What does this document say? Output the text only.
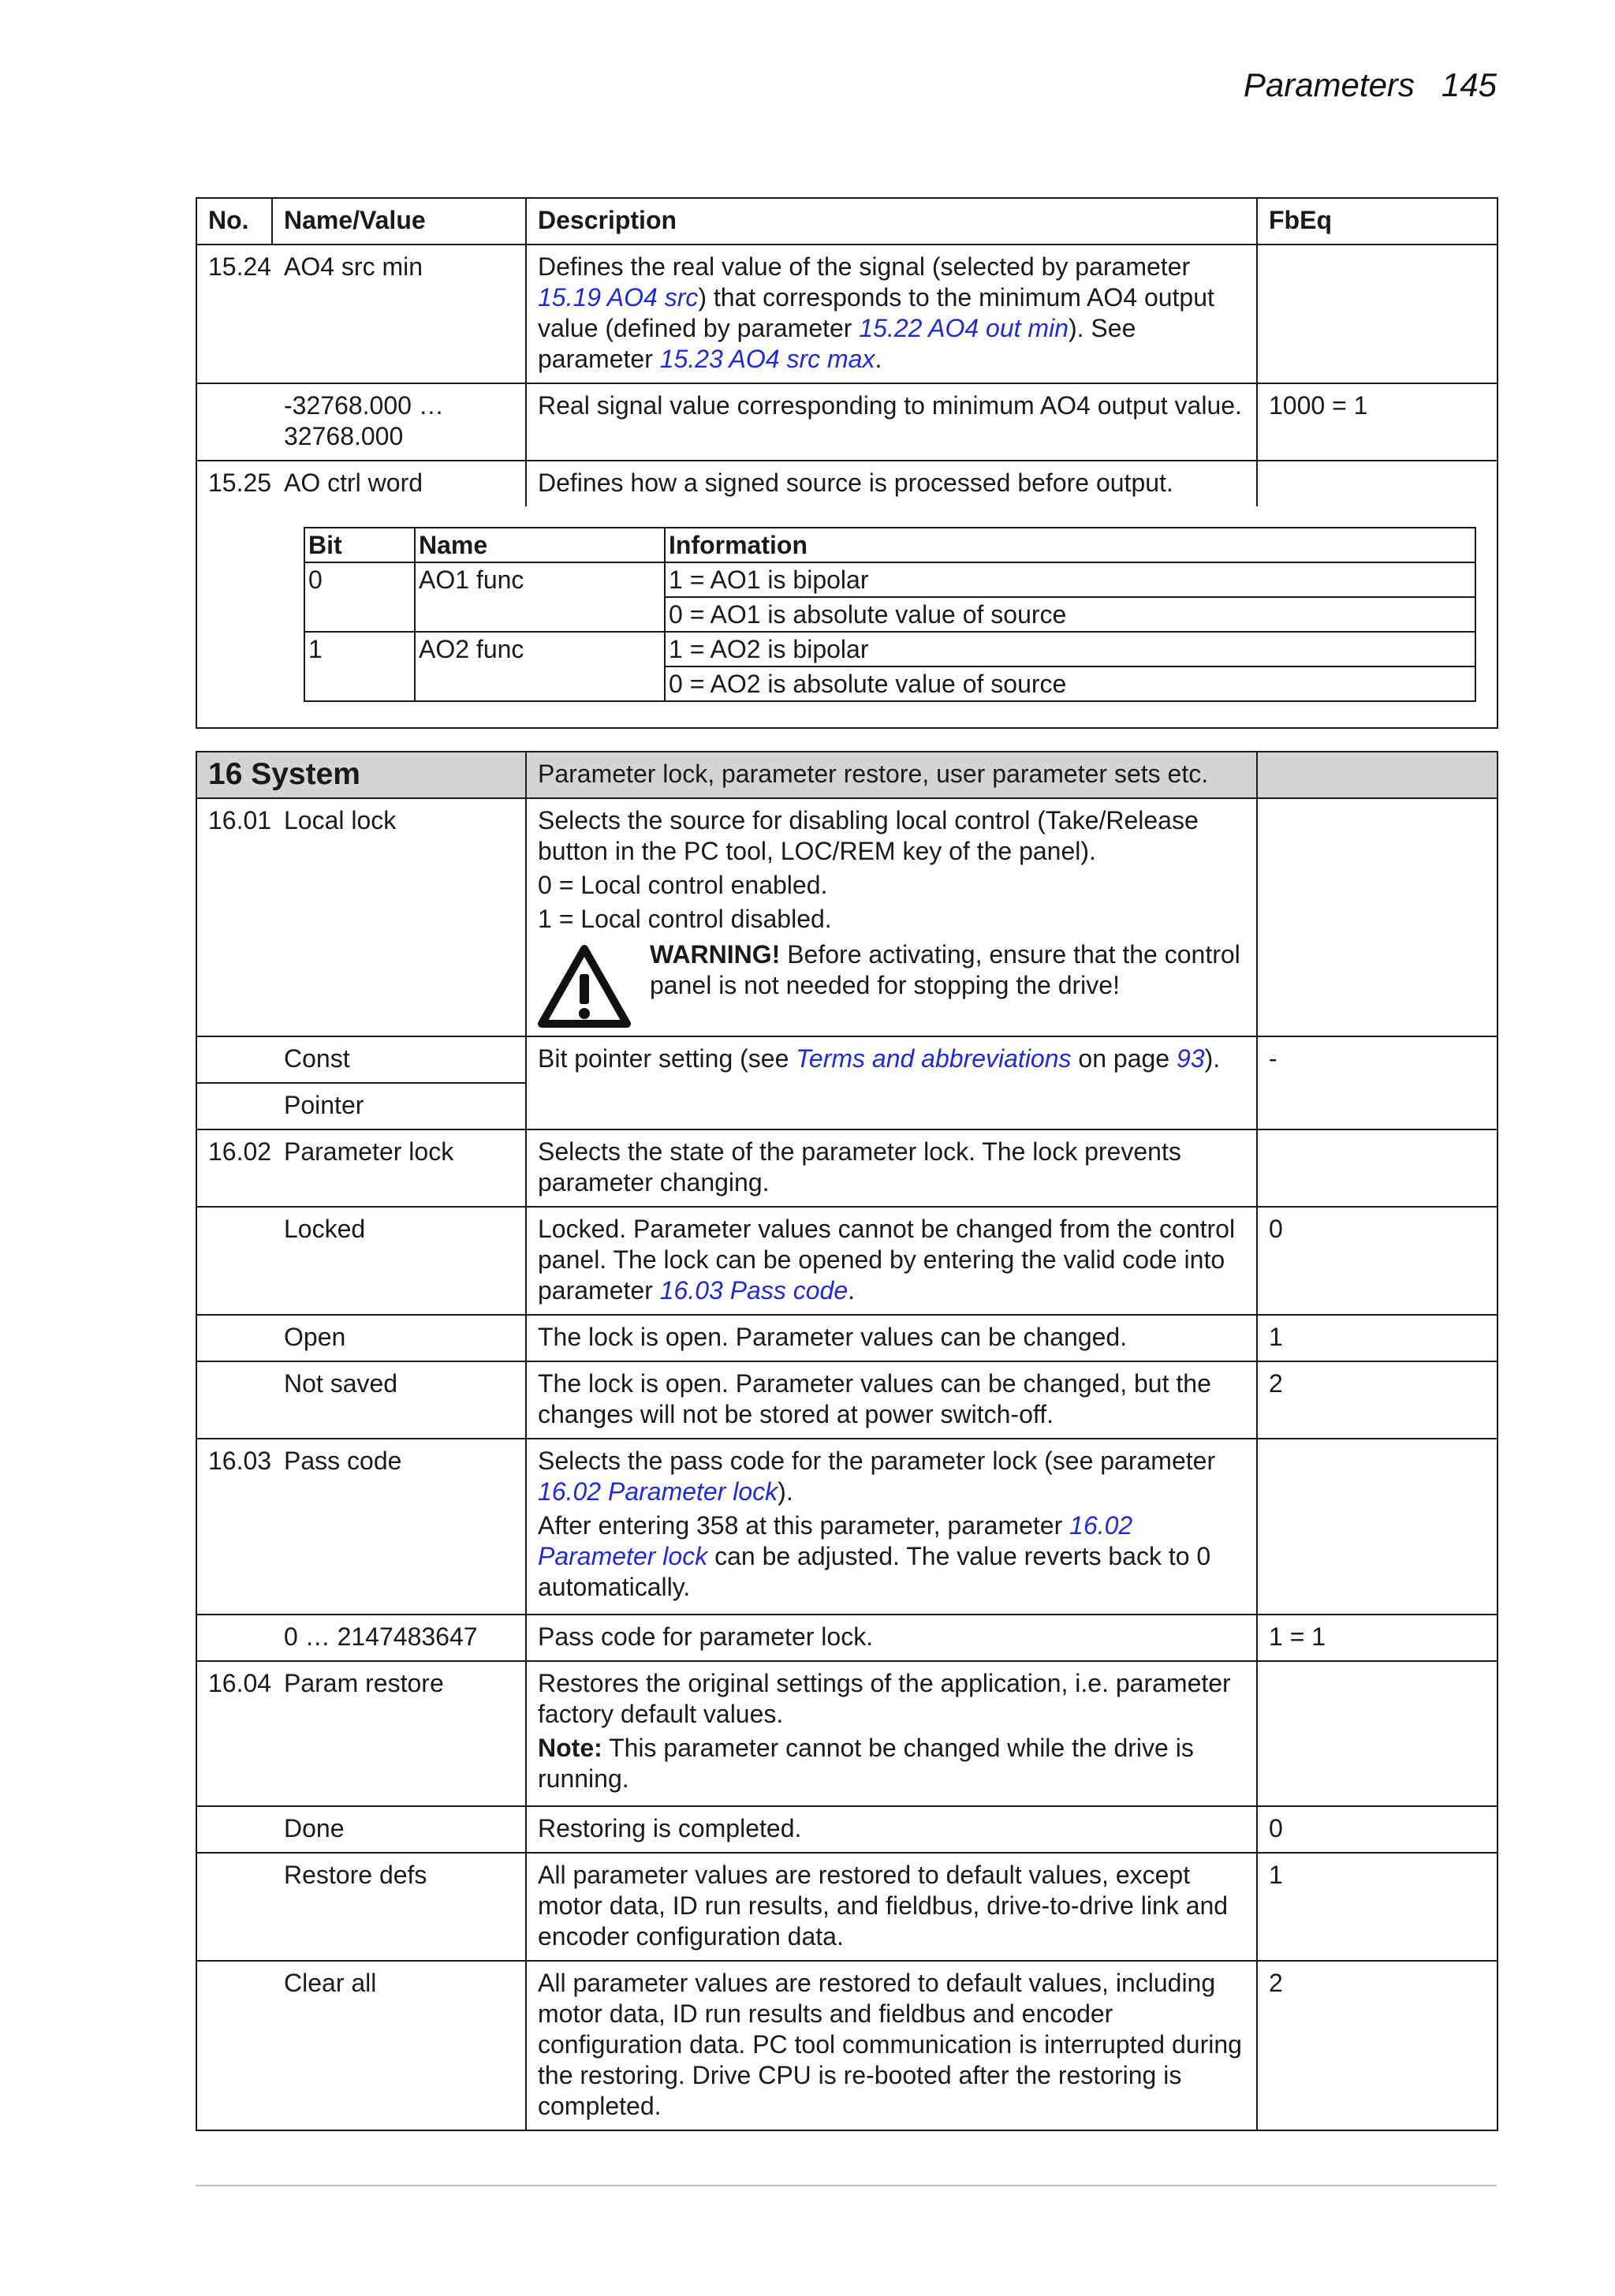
Parameters 145
No.	Name/Value	Description	FbEq
15.24	AO4 src min	Defines the real value of the signal (selected by parameter 15.19 AO4 src) that corresponds to the minimum AO4 output value (defined by parameter 15.22 AO4 out min). See parameter 15.23 AO4 src max.	
	-32768.000 … 32768.000	Real signal value corresponding to minimum AO4 output value.	1000 = 1
15.25	AO ctrl word	Defines how a signed source is processed before output.	

Bit	Name	Information
0	AO1 func	1 = AO1 is bipolar
0 = AO1 is absolute value of source
1	AO2 func	1 = AO2 is bipolar
0 = AO2 is absolute value of source
16 System		Parameter lock, parameter restore, user parameter sets etc.	
16.01	Local lock	Selects the source for disabling local control (Take/Release button in the PC tool, LOC/REM key of the panel).
0 = Local control enabled.
1 = Local control disabled.
WARNING! Before activating, ensure that the control panel is not needed for stopping the drive!	

	Const	Bit pointer setting (see Terms and abbreviations on page 93).	-
	Pointer		
16.02	Parameter lock	Selects the state of the parameter lock. The lock prevents parameter changing.	
	Locked	Locked. Parameter values cannot be changed from the control panel. The lock can be opened by entering the valid code into parameter 16.03 Pass code.	0
	Open	The lock is open. Parameter values can be changed.	1
	Not saved	The lock is open. Parameter values can be changed, but the changes will not be stored at power switch-off.	2
16.03	Pass code	Selects the pass code for the parameter lock (see parameter 16.02 Parameter lock).
After entering 358 at this parameter, parameter 16.02 Parameter lock can be adjusted. The value reverts back to 0 automatically.	

	0 … 2147483647	Pass code for parameter lock.	1 = 1
16.04	Param restore	Restores the original settings of the application, i.e. parameter factory default values.
Note: This parameter cannot be changed while the drive is running.	

	Done	Restoring is completed.	0
	Restore defs	All parameter values are restored to default values, except motor data, ID run results, and fieldbus, drive-to-drive link and encoder configuration data.	1
	Clear all	All parameter values are restored to default values, including motor data, ID run results and fieldbus and encoder configuration data. PC tool communication is interrupted during the restoring. Drive CPU is re-booted after the restoring is completed.	2
